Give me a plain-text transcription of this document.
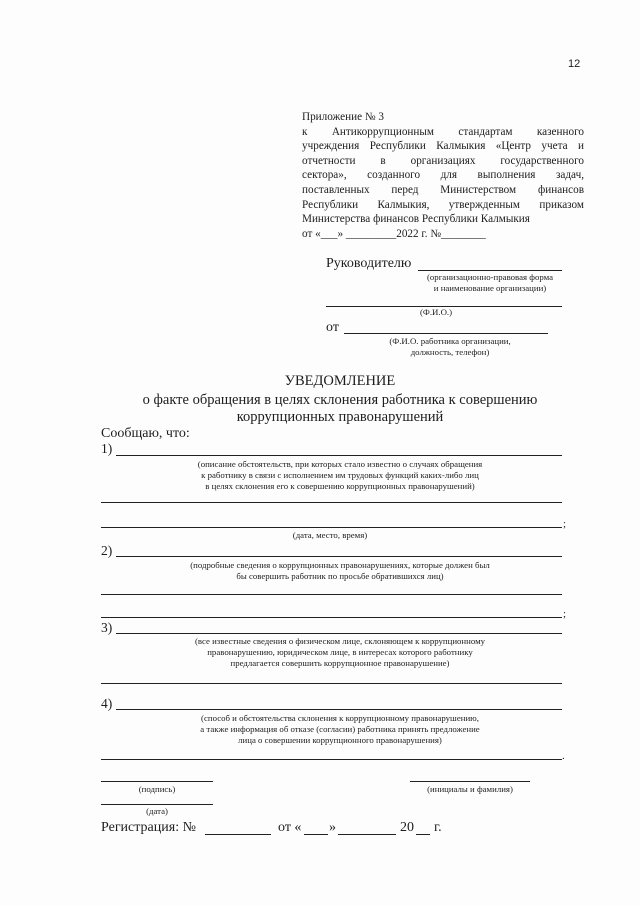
12
Приложение № 3
к Антикоррупционным стандартам казенного
учреждения Республики Калмыкия «Центр учета и
отчетности в организациях государственного
сектора», созданного для выполнения задач,
поставленных перед Министерством финансов
Республики Калмыкия, утвержденным приказом
Министерства финансов Республики Калмыкия
от «___» _________2022 г. №________
Руководителю
(организационно-правовая форма
и наименование организации)
(Ф.И.О.)
от
(Ф.И.О. работника организации,
должность, телефон)
УВЕДОМЛЕНИЕ
о факте обращения в целях склонения работника к совершению
коррупционных правонарушений
Сообщаю, что:
1)
(описание обстоятельств, при которых стало известно о случаях обращения
к работнику в связи с исполнением им трудовых функций каких-либо лиц
в целях склонения его к совершению коррупционных правонарушений)
;
(дата, место, время)
2)
(подробные сведения о коррупционных правонарушениях, которые должен был
бы совершить работник по просьбе обратившихся лиц)
;
3)
(все известные сведения о физическом лице, склоняющем к коррупционному
правонарушению, юридическом лице, в интересах которого работнику
предлагается совершить коррупционное правонарушение)
4)
(способ и обстоятельства склонения к коррупционному правонарушению,
а также информация об отказе (согласии) работника принять предложение
лица о совершении коррупционного правонарушения)
.
(подпись)	(инициалы и фамилия)
(дата)
Регистрация: №	от « »	20 г.
